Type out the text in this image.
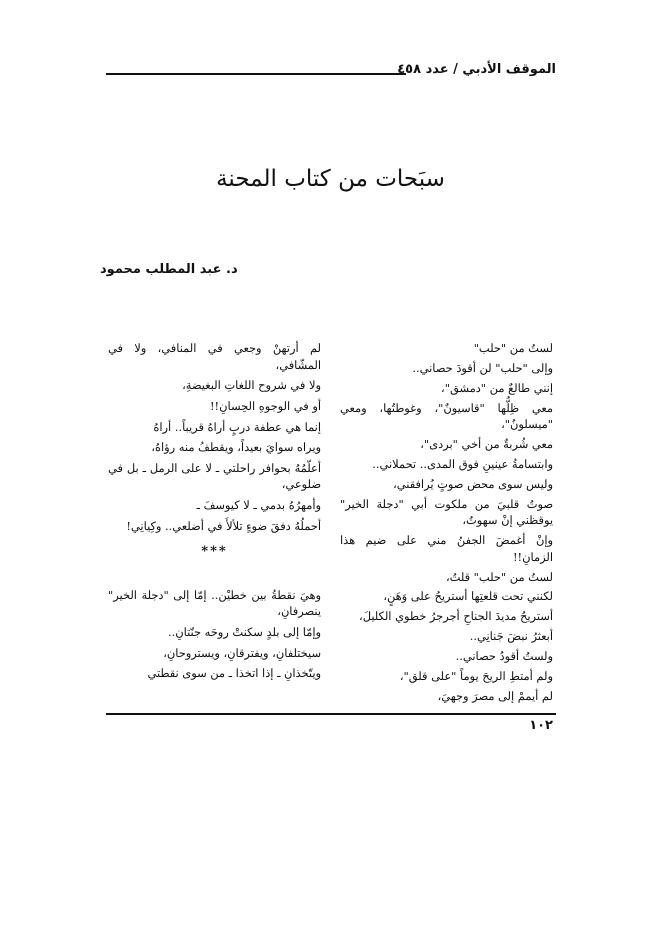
الموقف الأدبي / عدد ٤٥٨
سبَحات من كتاب المحنة
د. عبد المطلب محمود
لستُ من "حلب"
وإلى "حلب" لن أقودَ حصاني..
إنني طالعٌ من "دمشق"،
معي ظِلُّها "قاسيونٌ"، وغوطتُها، ومعي "ميسلونُ"،
معي شُربةٌ من أخي "بردى"،
وابتسامةُ عينينِ فوق المدى.. تحملاني..
وليس سوى محض صوتٍ يُرافقني،
صوتُ قلبيَ من ملكوت أبي "دجلة الخير" يوقظني إنْ سهوتُ،
وإنْ أغمضَ الجفنُ مني على ضيم هذا الزمانِ!!
لستُ من "حلب" قلتُ،
لكنني تحت قلعتِها أستريحُ على وَهَنٍ،
أستريحُ مديدَ الجناحِ أجرجرُ خطوي الكليلَ،
أبعثرُ نبضَ جَنانِي..
ولستُ أقودُ حصاني..
ولم أمتطِ الريحَ يوماً "على قلق"،
لم أيممْ إلى مصرَ وجهيَ،
لم أرتهنْ وجعي في المنافي، ولا في المشّافي،
ولا في شروح اللغاتِ البغيضةِ،
أو في الوجوهِ الحِسانِ!!
إنما هي عطفة دربٍ أراهُ قريباً.. أراهُ
ويراه سوايَ بعيداً، ويقطفُ منه رؤاهُ،
أعلّمُهُ بحوافر راحلتي ـ لا على الرمل ـ بل في ضلوعي،
وأمهرُهُ بدمي ـ لا كيوسفَ ـ
أحملُهُ دفقَ ضوءٍ تلألأَ في أضلعي.. وكِيانِي!
***
وهيَ نقطةُ بين خطيْن.. إمّا إلى "دجلة الخير" ينصرفانِ،
وإمّا إلى بلدٍ سكنتْ روحَه جنّتانِ..
سيختلفانِ، ويفترقانِ، ويستروحانِ،
ويتّخذانِ ـ إذا اتخذا ـ من سوى نقطتي
١٠٢
